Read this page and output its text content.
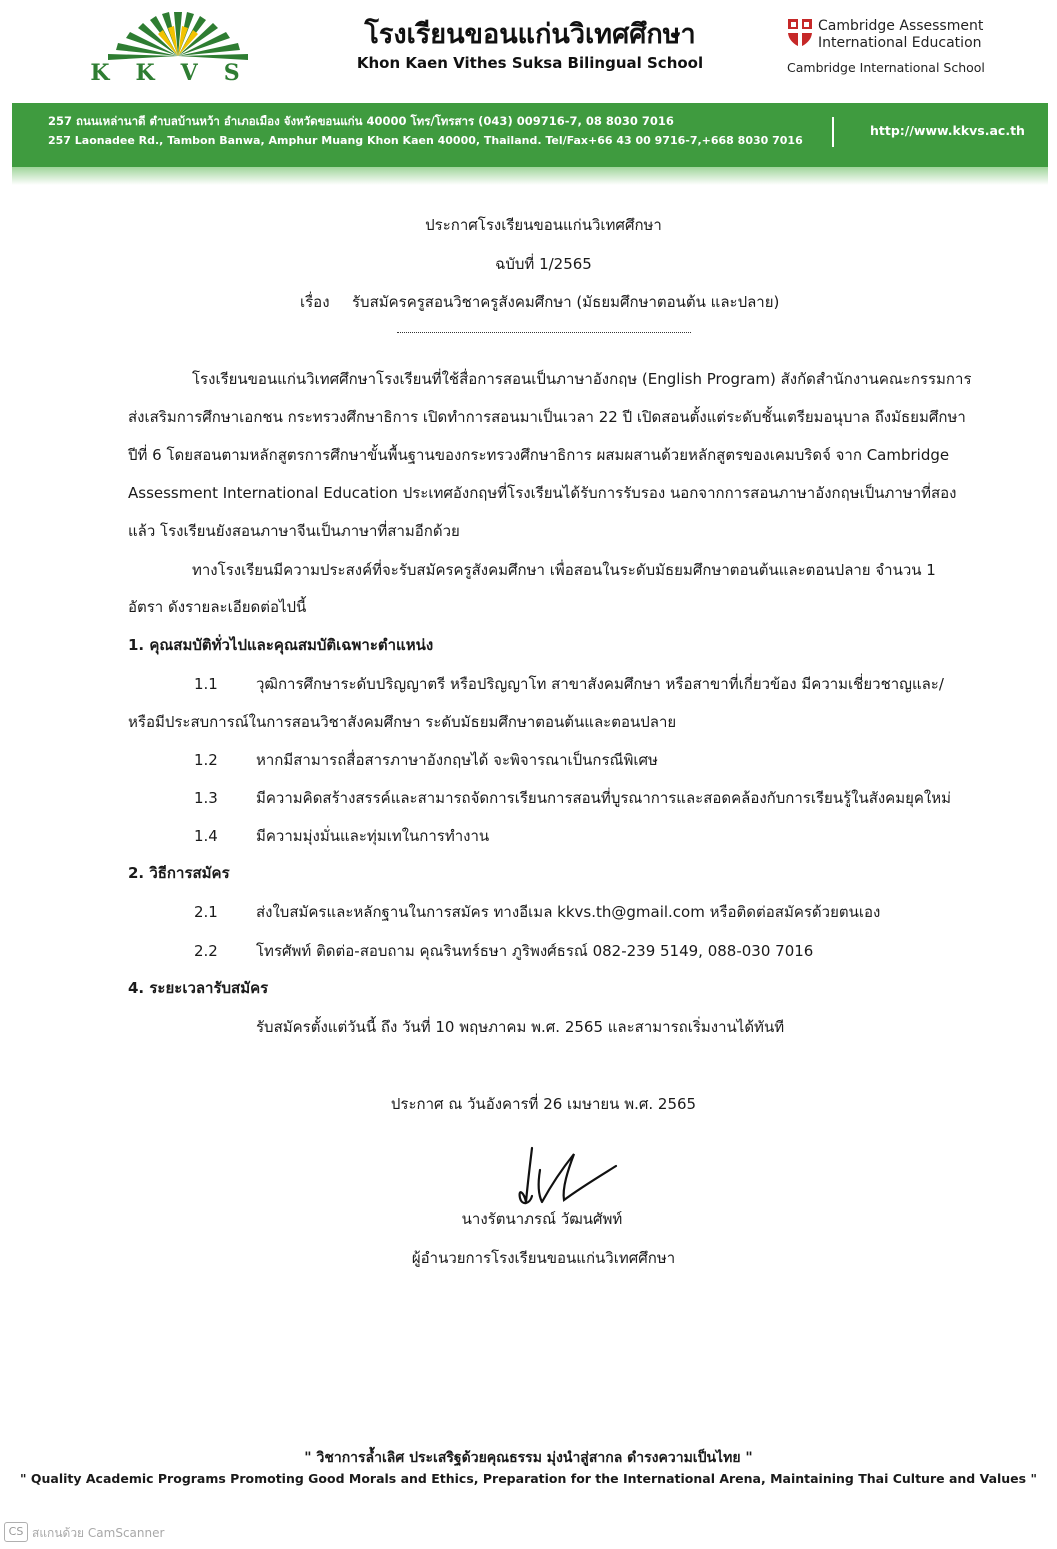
KKVS
โรงเรียนขอนแก่นวิเทศศึกษา
Khon Kaen Vithes Suksa Bilingual School
Cambridge Assessment
International Education
Cambridge International School
257 ถนนเหล่านาดี ตำบลบ้านหว้า อำเภอเมือง จังหวัดขอนแก่น 40000 โทร/โทรสาร (043) 009716-7, 08 8030 7016
257 Laonadee Rd., Tambon Banwa, Amphur Muang Khon Kaen 40000, Thailand. Tel/Fax+66 43 00 9716-7,+668 8030 7016
http://www.kkvs.ac.th
ประกาศโรงเรียนขอนแก่นวิเทศศึกษา
ฉบับที่ 1/2565
เรื่อง รับสมัครครูสอนวิชาครูสังคมศึกษา (มัธยมศึกษาตอนต้น และปลาย)
โรงเรียนขอนแก่นวิเทศศึกษาโรงเรียนที่ใช้สื่อการสอนเป็นภาษาอังกฤษ (English Program) สังกัดสำนักงานคณะกรรมการ
ส่งเสริมการศึกษาเอกชน กระทรวงศึกษาธิการ เปิดทำการสอนมาเป็นเวลา 22 ปี เปิดสอนตั้งแต่ระดับชั้นเตรียมอนุบาล ถึงมัธยมศึกษา
ปีที่ 6 โดยสอนตามหลักสูตรการศึกษาขั้นพื้นฐานของกระทรวงศึกษาธิการ ผสมผสานด้วยหลักสูตรของเคมบริดจ์ จาก Cambridge
Assessment International Education ประเทศอังกฤษที่โรงเรียนได้รับการรับรอง นอกจากการสอนภาษาอังกฤษเป็นภาษาที่สอง
แล้ว โรงเรียนยังสอนภาษาจีนเป็นภาษาที่สามอีกด้วย
ทางโรงเรียนมีความประสงค์ที่จะรับสมัครครูสังคมศึกษา เพื่อสอนในระดับมัธยมศึกษาตอนต้นและตอนปลาย จำนวน 1
อัตรา ดังรายละเอียดต่อไปนี้
1. คุณสมบัติทั่วไปและคุณสมบัติเฉพาะตำแหน่ง
1.1	วุฒิการศึกษาระดับปริญญาตรี หรือปริญญาโท สาขาสังคมศึกษา หรือสาขาที่เกี่ยวข้อง มีความเชี่ยวชาญและ/
หรือมีประสบการณ์ในการสอนวิชาสังคมศึกษา ระดับมัธยมศึกษาตอนต้นและตอนปลาย
1.2	หากมีสามารถสื่อสารภาษาอังกฤษได้ จะพิจารณาเป็นกรณีพิเศษ
1.3	มีความคิดสร้างสรรค์และสามารถจัดการเรียนการสอนที่บูรณาการและสอดคล้องกับการเรียนรู้ในสังคมยุคใหม่
1.4	มีความมุ่งมั่นและทุ่มเทในการทำงาน
2. วิธีการสมัคร
2.1	ส่งใบสมัครและหลักฐานในการสมัคร ทางอีเมล kkvs.th@gmail.com หรือติดต่อสมัครด้วยตนเอง
2.2	โทรศัพท์ ติดต่อ-สอบถาม คุณรินทร์ธษา ภูริพงศ์ธรณ์ 082-239 5149, 088-030 7016
4. ระยะเวลารับสมัคร
รับสมัครตั้งแต่วันนี้ ถึง วันที่ 10 พฤษภาคม พ.ศ. 2565 และสามารถเริ่มงานได้ทันที
ประกาศ ณ วันอังคารที่ 26 เมษายน พ.ศ. 2565
นางรัตนาภรณ์ วัฒนศัพท์
ผู้อำนวยการโรงเรียนขอนแก่นวิเทศศึกษา
" วิชาการล้ำเลิศ ประเสริฐด้วยคุณธรรม มุ่งนำสู่สากล ดำรงความเป็นไทย "
" Quality Academic Programs Promoting Good Morals and Ethics, Preparation for the International Arena, Maintaining Thai Culture and Values "
CS สแกนด้วย CamScanner
